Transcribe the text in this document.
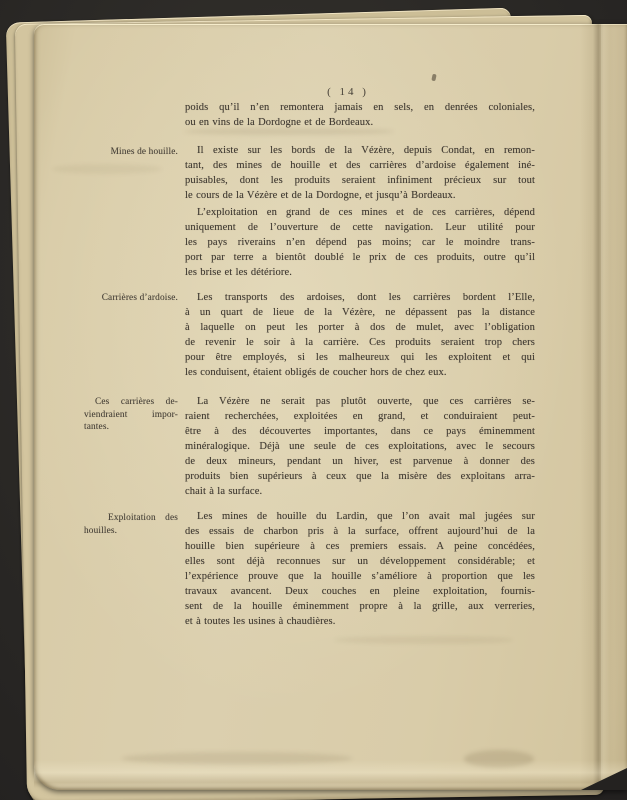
( 14 )
Mines de houille.
Carrières d’ardoise.
Ces carrières de-
viendraient impor-
tantes.
Exploitation des
houilles.
poids qu’il n’en remontera jamais en sels, en denrées coloniales,
ou en vins de la Dordogne et de Bordeaux.
Il existe sur les bords de la Vézère, depuis Condat, en remon-
tant, des mines de houille et des carrières d’ardoise également iné-
puisables, dont les produits seraient infiniment précieux sur tout
le cours de la Vézère et de la Dordogne, et jusqu’à Bordeaux.
L’exploitation en grand de ces mines et de ces carrières, dépend
uniquement de l’ouverture de cette navigation. Leur utilité pour
les pays riverains n’en dépend pas moins; car le moindre trans-
port par terre a bientôt doublé le prix de ces produits, outre qu’il
les brise et les détériore.
Les transports des ardoises, dont les carrières bordent l’Elle,
à un quart de lieue de la Vézère, ne dépassent pas la distance
à laquelle on peut les porter à dos de mulet, avec l’obligation
de revenir le soir à la carrière. Ces produits seraient trop chers
pour être employés, si les malheureux qui les exploitent et qui
les conduisent, étaient obligés de coucher hors de chez eux.
La Vézère ne serait pas plutôt ouverte, que ces carrières se-
raient recherchées, exploitées en grand, et conduiraient peut-
être à des découvertes importantes, dans ce pays éminemment
minéralogique. Déjà une seule de ces exploitations, avec le secours
de deux mineurs, pendant un hiver, est parvenue à donner des
produits bien supérieurs à ceux que la misère des exploitans arra-
chait à la surface.
Les mines de houille du Lardin, que l’on avait mal jugées sur
des essais de charbon pris à la surface, offrent aujourd’hui de la
houille bien supérieure à ces premiers essais. A peine concédées,
elles sont déjà reconnues sur un développement considérable; et
l’expérience prouve que la houille s’améliore à proportion que les
travaux avancent. Deux couches en pleine exploitation, fournis-
sent de la houille éminemment propre à la grille, aux verreries,
et à toutes les usines à chaudières.
